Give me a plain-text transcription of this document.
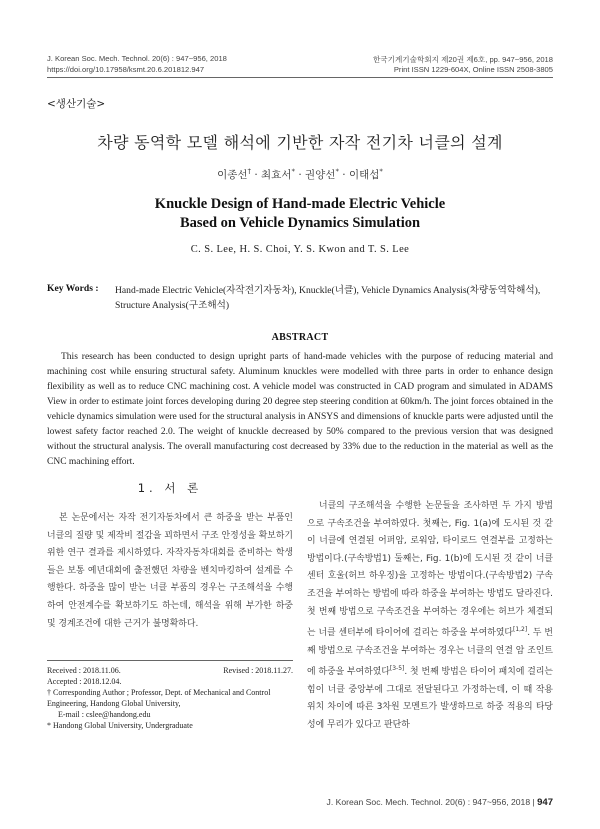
J. Korean Soc. Mech. Technol. 20(6) : 947~956, 2018
https://doi.org/10.17958/ksmt.20.6.201812.947
한국기계기술학회지 제20권 제6호, pp. 947~956, 2018
Print ISSN 1229-604X, Online ISSN 2508-3805
<생산기술>
차량 동역학 모델 해석에 기반한 자작 전기차 너클의 설계
이종선† · 최효서* · 권양선* · 이태섭*
Knuckle Design of Hand-made Electric Vehicle
Based on Vehicle Dynamics Simulation
C. S. Lee, H. S. Choi, Y. S. Kwon and T. S. Lee
Key Words : Hand-made Electric Vehicle(자작전기자동차), Knuckle(너클), Vehicle Dynamics Analysis(차량동역학해석), Structure Analysis(구조해석)
ABSTRACT
This research has been conducted to design upright parts of hand-made vehicles with the purpose of reducing material and machining cost while ensuring structural safety. Aluminum knuckles were modelled with three parts in order to enhance design flexibility as well as to reduce CNC machining cost. A vehicle model was constructed in CAD program and simulated in ADAMS View in order to estimate joint forces developing during 20 degree step steering condition at 60km/h. The joint forces obtained in the vehicle dynamics simulation were used for the structural analysis in ANSYS and dimensions of knuckle parts were adjusted until the lowest safety factor reached 2.0. The weight of knuckle decreased by 50% compared to the previous version that was designed without the structural analysis. The overall manufacturing cost decreased by 33% due to the reduction in the material as well as the CNC machining effort.
1. 서 론
본 논문에서는 자작 전기자동차에서 큰 하중을 받는 부품인 너클의 질량 및 제작비 절감을 꾀하면서 구조 안정성을 확보하기 위한 연구 결과를 제시하였다. 자작자동차대회를 준비하는 학생들은 보통 예년대회에 출전했던 차량을 벤치마킹하여 설계를 수행한다. 하중을 많이 받는 너클 부품의 경우는 구조해석을 수행하여 안전계수를 확보하기도 하는데, 해석을 위해 부가한 하중 및 경계조건에 대한 근거가 불명확하다.
Received : 2018.11.06.	Revised : 2018.11.27.
Accepted : 2018.12.04.
† Corresponding Author ; Professor, Dept. of Mechanical and Control Engineering, Handong Global University,
E-mail : cslee@handong.edu
* Handong Global University, Undergraduate
너클의 구조해석을 수행한 논문들을 조사하면 두 가지 방법으로 구속조건을 부여하였다. 첫째는, Fig. 1(a)에 도시된 것 같이 너클에 연결된 어퍼암, 로워암, 타이로드 연결부를 고정하는 방법이다.(구속방법1) 둘째는, Fig. 1(b)에 도시된 것 같이 너클 센터 호울(허브 하우징)을 고정하는 방법이다.(구속방법2) 구속조건을 부여하는 방법에 따라 하중을 부여하는 방법도 달라진다. 첫 번째 방법으로 구속조건을 부여하는 경우에는 허브가 체결되는 너클 센터부에 타이어에 걸리는 하중을 부여하였다[1,2]. 두 번째 방법으로 구속조건을 부여하는 경우는 너클의 연결 암 조인트에 하중을 부여하였다[3-5]. 첫 번째 방법은 타이어 패치에 걸리는 힘이 너클 중앙부에 그대로 전달된다고 가정하는데, 이 때 작용 위치 차이에 따른 3차원 모멘트가 발생하므로 하중 적용의 타당성에 무리가 있다고 판단하
J. Korean Soc. Mech. Technol. 20(6) : 947~956, 2018 | 947
